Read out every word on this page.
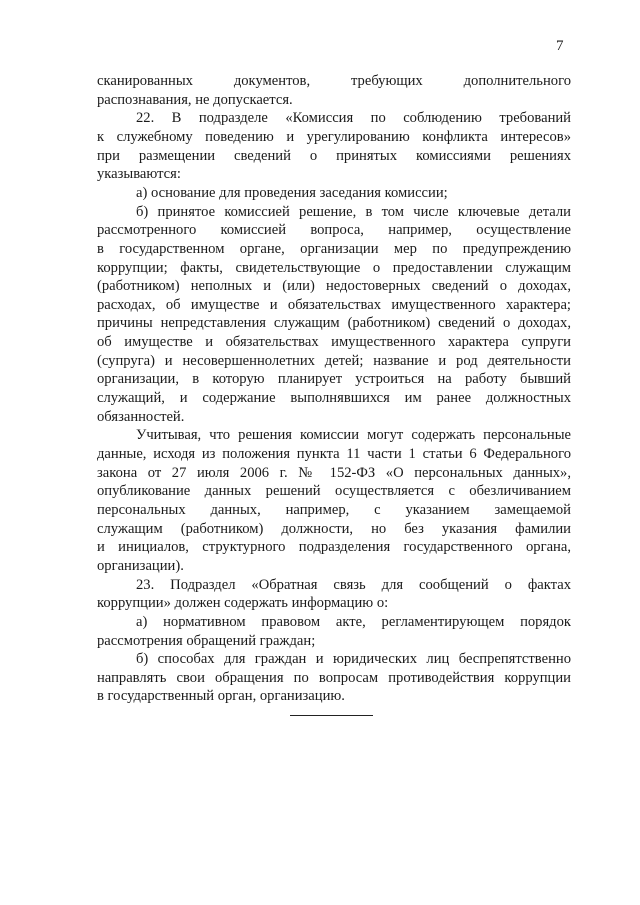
7
сканированных документов, требующих дополнительного
распознавания, не допускается.
22. В подразделе «Комиссия по соблюдению требований
к служебному поведению и урегулированию конфликта интересов»
при размещении сведений о принятых комиссиями решениях
указываются:
а) основание для проведения заседания комиссии;
б) принятое комиссией решение, в том числе ключевые детали
рассмотренного комиссией вопроса, например, осуществление
в государственном органе, организации мер по предупреждению
коррупции; факты, свидетельствующие о предоставлении служащим
(работником) неполных и (или) недостоверных сведений о доходах,
расходах, об имуществе и обязательствах имущественного характера;
причины непредставления служащим (работником) сведений о доходах,
об имуществе и обязательствах имущественного характера супруги
(супруга) и несовершеннолетних детей; название и род деятельности
организации, в которую планирует устроиться на работу бывший
служащий, и содержание выполнявшихся им ранее должностных
обязанностей.
Учитывая, что решения комиссии могут содержать персональные
данные, исходя из положения пункта 11 части 1 статьи 6 Федерального
закона от 27 июля 2006 г. № 152-ФЗ «О персональных данных»,
опубликование данных решений осуществляется с обезличиванием
персональных данных, например, с указанием замещаемой
служащим (работником) должности, но без указания фамилии
и инициалов, структурного подразделения государственного органа,
организации).
23. Подраздел «Обратная связь для сообщений о фактах
коррупции» должен содержать информацию о:
а) нормативном правовом акте, регламентирующем порядок
рассмотрения обращений граждан;
б) способах для граждан и юридических лиц беспрепятственно
направлять свои обращения по вопросам противодействия коррупции
в государственный орган, организацию.
